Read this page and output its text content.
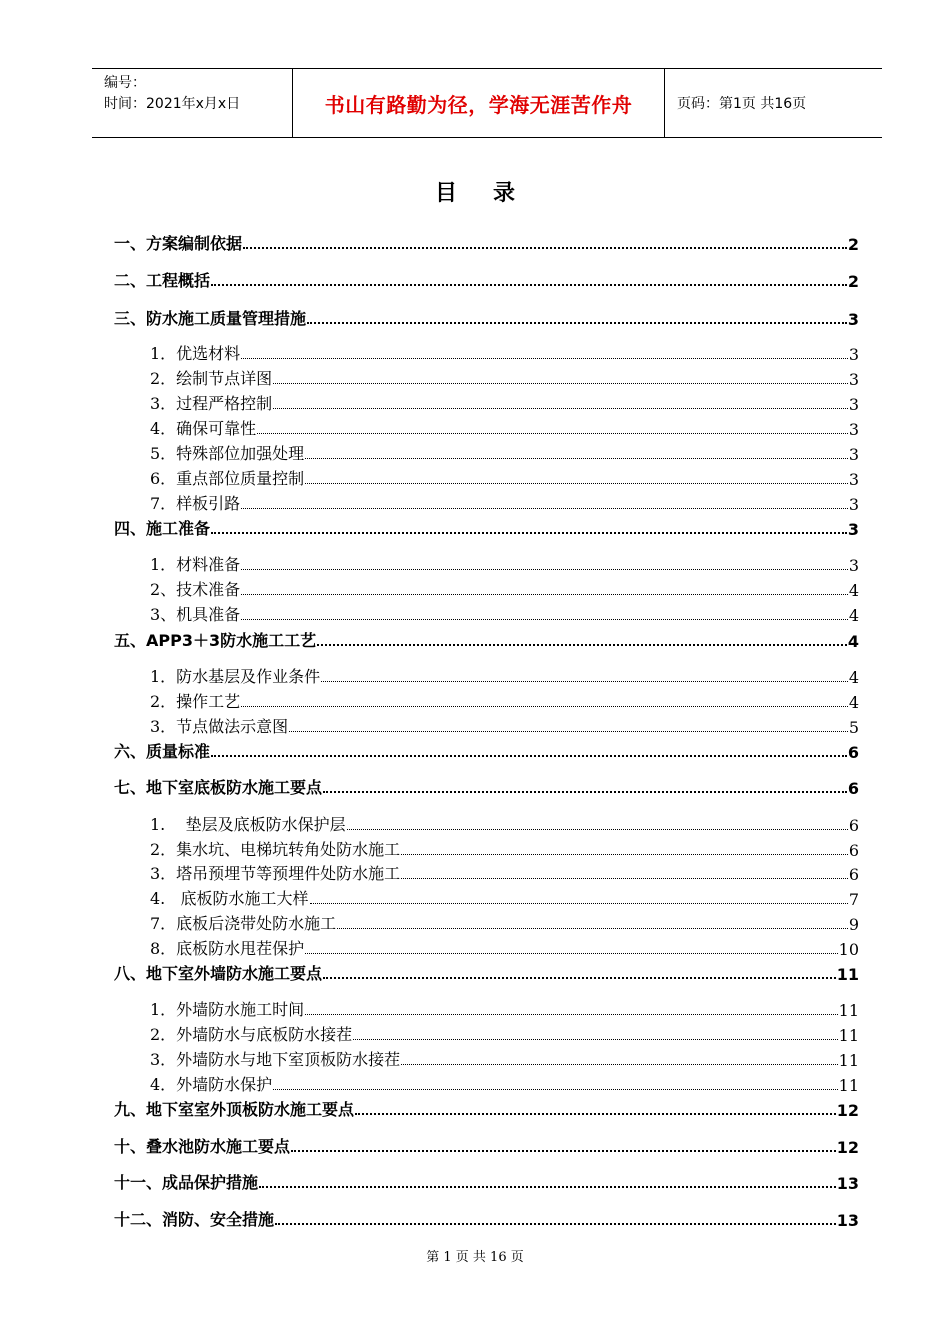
编号：
时间：2021年x月x日	书山有路勤为径，学海无涯苦作舟	页码：第1页 共16页
目录
一、方案编制依据	2
二、工程概括	2
三、防水施工质量管理措施	3
1．优选材料	3
2．绘制节点详图	3
3．过程严格控制	3
4．确保可靠性	3
5．特殊部位加强处理	3
6．重点部位质量控制	3
7．样板引路	3
四、施工准备	3
1．材料准备	3
2、技术准备	4
3、机具准备	4
五、APP3＋3防水施工工艺	4
1．防水基层及作业条件	4
2．操作工艺	4
3．节点做法示意图	5
六、质量标准	6
七、地下室底板防水施工要点	6
1.    垫层及底板防水保护层	6
2．集水坑、电梯坑转角处防水施工	6
3．塔吊预埋节等预埋件处防水施工	6
4.   底板防水施工大样	7
7．底板后浇带处防水施工	9
8．底板防水甩茬保护	10
八、地下室外墙防水施工要点	11
1．外墙防水施工时间	11
2．外墙防水与底板防水接茬	11
3．外墙防水与地下室顶板防水接茬	11
4．外墙防水保护	11
九、地下室室外顶板防水施工要点	12
十、叠水池防水施工要点	12
十一、成品保护措施	13
十二、消防、安全措施	13
第 1 页 共 16 页
